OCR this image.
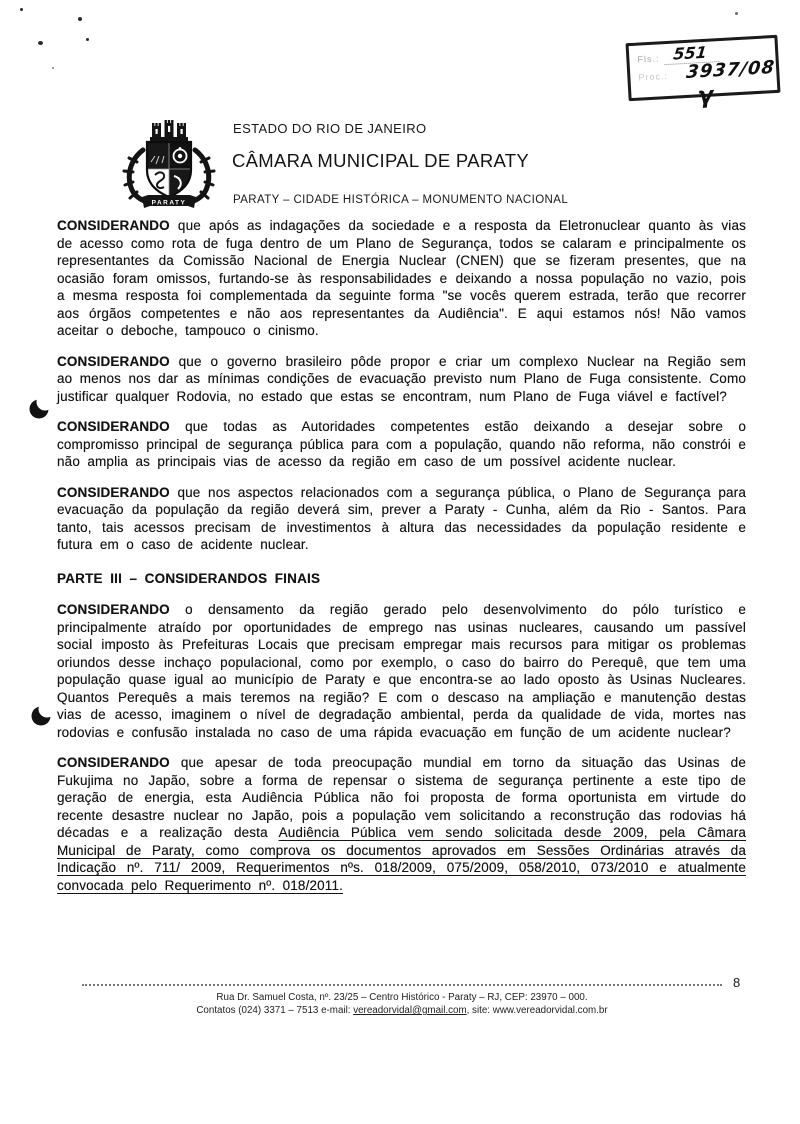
Fls.: 551
Proc.: 3937/08
γ
PARATY
ESTADO DO RIO DE JANEIRO
CÂMARA MUNICIPAL DE PARATY
PARATY – CIDADE HISTÓRICA – MONUMENTO NACIONAL

CONSIDERANDO que após as indagações da sociedade e a resposta da Eletronuclear quanto às vias de acesso como rota de fuga dentro de um Plano de Segurança, todos se calaram e principalmente os representantes da Comissão Nacional de Energia Nuclear (CNEN) que se fizeram presentes, que na ocasião foram omissos, furtando-se às responsabilidades e deixando a nossa população no vazio, pois a mesma resposta foi complementada da seguinte forma "se vocês querem estrada, terão que recorrer aos órgãos competentes e não aos representantes da Audiência". E aqui estamos nós! Não vamos aceitar o deboche, tampouco o cinismo.

CONSIDERANDO que o governo brasileiro pôde propor e criar um complexo Nuclear na Região sem ao menos nos dar as mínimas condições de evacuação previsto num Plano de Fuga consistente. Como justificar qualquer Rodovia, no estado que estas se encontram, num Plano de Fuga viável e factível?

CONSIDERANDO que todas as Autoridades competentes estão deixando a desejar sobre o compromisso principal de segurança pública para com a população, quando não reforma, não constrói e não amplia as principais vias de acesso da região em caso de um possível acidente nuclear.

CONSIDERANDO que nos aspectos relacionados com a segurança pública, o Plano de Segurança para evacuação da população da região deverá sim, prever a Paraty - Cunha, além da Rio - Santos. Para tanto, tais acessos precisam de investimentos à altura das necessidades da população residente e futura em o caso de acidente nuclear.

PARTE III – CONSIDERANDOS FINAIS

CONSIDERANDO o densamento da região gerado pelo desenvolvimento do pólo turístico e principalmente atraído por oportunidades de emprego nas usinas nucleares, causando um passível social imposto às Prefeituras Locais que precisam empregar mais recursos para mitigar os problemas oriundos desse inchaço populacional, como por exemplo, o caso do bairro do Perequê, que tem uma população quase igual ao município de Paraty e que encontra-se ao lado oposto às Usinas Nucleares. Quantos Perequês a mais teremos na região? E com o descaso na ampliação e manutenção destas vias de acesso, imaginem o nível de degradação ambiental, perda da qualidade de vida, mortes nas rodovias e confusão instalada no caso de uma rápida evacuação em função de um acidente nuclear?

CONSIDERANDO que apesar de toda preocupação mundial em torno da situação das Usinas de Fukujima no Japão, sobre a forma de repensar o sistema de segurança pertinente a este tipo de geração de energia, esta Audiência Pública não foi proposta de forma oportunista em virtude do recente desastre nuclear no Japão, pois a população vem solicitando a reconstrução das rodovias há décadas e a realização desta Audiência Pública vem sendo solicitada desde 2009, pela Câmara Municipal de Paraty, como comprova os documentos aprovados em Sessões Ordinárias através da Indicação nº. 711/ 2009, Requerimentos nºs. 018/2009, 075/2009, 058/2010, 073/2010 e atualmente convocada pelo Requerimento nº. 018/2011.

8
Rua Dr. Samuel Costa, nº. 23/25 – Centro Histórico - Paraty – RJ, CEP: 23970 – 000.
Contatos (024) 3371 – 7513 e-mail: vereadorvidal@gmail.com, site: www.vereadorvidal.com.br
